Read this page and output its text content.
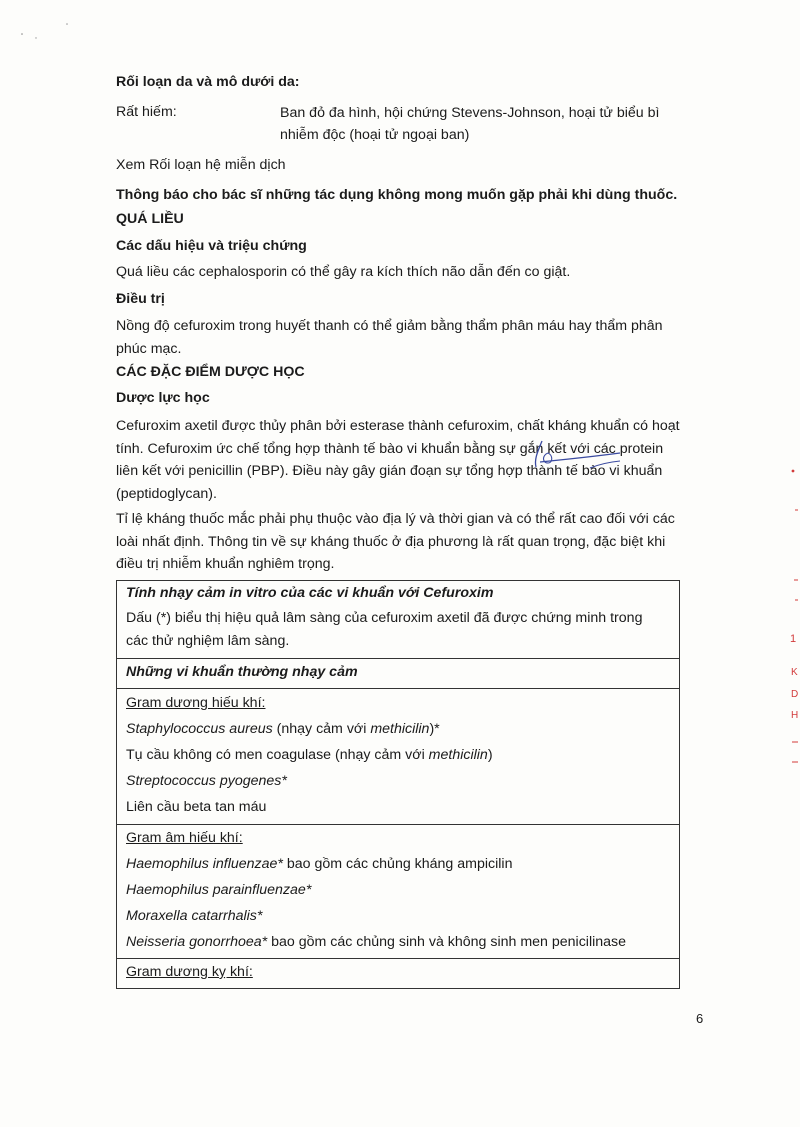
1
K
D
H
Rối loạn da và mô dưới da:
Rất hiếm:	Ban đỏ đa hình, hội chứng Stevens-Johnson, hoại tử biểu bì
nhiễm độc (hoại tử ngoại ban)
Xem Rối loạn hệ miễn dịch
Thông báo cho bác sĩ những tác dụng không mong muốn gặp phải khi dùng thuốc.
QUÁ LIỀU
Các dấu hiệu và triệu chứng
Quá liều các cephalosporin có thể gây ra kích thích não dẫn đến co giật.
Điều trị
Nồng độ cefuroxim trong huyết thanh có thể giảm bằng thẩm phân máu hay thẩm phân
phúc mạc.
CÁC ĐẶC ĐIỂM DƯỢC HỌC
Dược lực học
Cefuroxim axetil được thủy phân bởi esterase thành cefuroxim, chất kháng khuẩn có hoạt
tính. Cefuroxim ức chế tổng hợp thành tế bào vi khuẩn bằng sự gắn kết với các protein
liên kết với penicillin (PBP). Điều này gây gián đoạn sự tổng hợp thành tế bào vi khuẩn
(peptidoglycan).
Tỉ lệ kháng thuốc mắc phải phụ thuộc vào địa lý và thời gian và có thể rất cao đối với các
loài nhất định. Thông tin về sự kháng thuốc ở địa phương là rất quan trọng, đặc biệt khi
điều trị nhiễm khuẩn nghiêm trọng.
Tính nhạy cảm in vitro của các vi khuẩn với Cefuroxim
Dấu (*) biểu thị hiệu quả lâm sàng của cefuroxim axetil đã được chứng minh trong
các thử nghiệm lâm sàng.
Những vi khuẩn thường nhạy cảm
Gram dương hiếu khí:
Staphylococcus aureus (nhạy cảm với methicilin)*
Tụ cầu không có men coagulase (nhạy cảm với methicilin)
Streptococcus pyogenes*
Liên cầu beta tan máu
Gram âm hiếu khí:
Haemophilus influenzae* bao gồm các chủng kháng ampicilin
Haemophilus parainfluenzae*
Moraxella catarrhalis*
Neisseria gonorrhoea* bao gồm các chủng sinh và không sinh men penicilinase
Gram dương kỵ khí:
6
